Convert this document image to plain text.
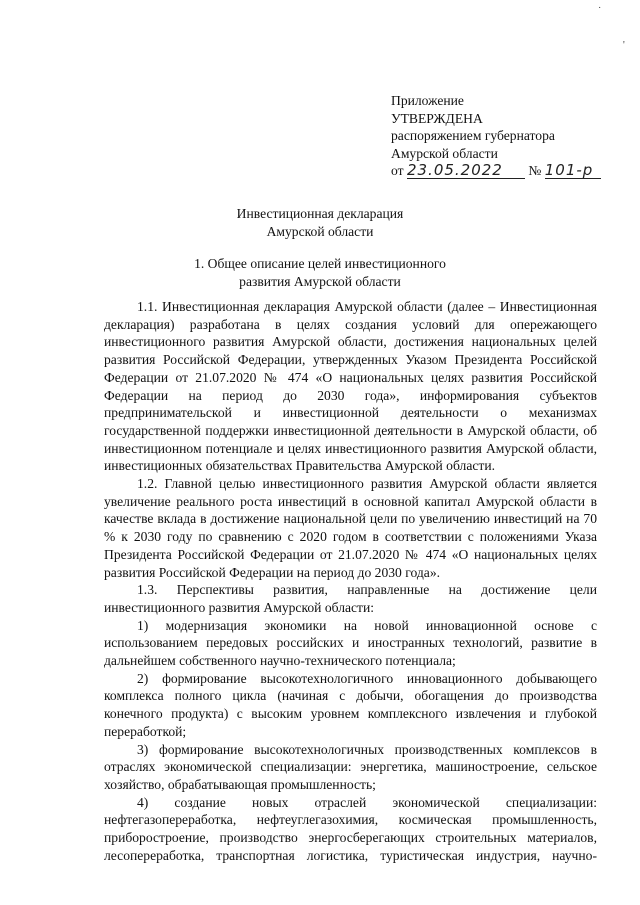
˙
'
Приложение
УТВЕРЖДЕНА
распоряжением губернатора
Амурской области
от 23.05.2022 № 101-р
Инвестиционная декларация
Амурской области
1. Общее описание целей инвестиционного
развития Амурской области

1.1. Инвестиционная декларация Амурской области (далее – Инвестиционная декларация) разработана в целях создания условий для опережающего инвестиционного развития Амурской области, достижения национальных целей развития Российской Федерации, утвержденных Указом Президента Российской Федерации от 21.07.2020 № 474 «О национальных целях развития Российской Федерации на период до 2030 года», информирования субъектов предпринимательской и инвестиционной деятельности о механизмах государственной поддержки инвестиционной деятельности в Амурской области, об инвестиционном потенциале и целях инвестиционного развития Амурской области, инвестиционных обязательствах Правительства Амурской области.

1.2. Главной целью инвестиционного развития Амурской области является увеличение реального роста инвестиций в основной капитал Амурской области в качестве вклада в достижение национальной цели по увеличению инвестиций на 70 % к 2030 году по сравнению с 2020 годом в соответствии с положениями Указа Президента Российской Федерации от 21.07.2020 № 474 «О национальных целях развития Российской Федерации на период до 2030 года».

1.3. Перспективы развития, направленные на достижение цели инвестиционного развития Амурской области:

1) модернизация экономики на новой инновационной основе с использованием передовых российских и иностранных технологий, развитие в дальнейшем собственного научно-технического потенциала;

2) формирование высокотехнологичного инновационного добывающего комплекса полного цикла (начиная с добычи, обогащения до производства конечного продукта) с высоким уровнем комплексного извлечения и глубокой переработкой;

3) формирование высокотехнологичных производственных комплексов в отраслях экономической специализации: энергетика, машиностроение, сельское хозяйство, обрабатывающая промышленность;

4) создание новых отраслей экономической специализации: нефтегазопереработка, нефтеуглегазохимия, космическая промышленность, приборостроение, производство энергосберегающих строительных материалов, лесопереработка, транспортная логистика, туристическая индустрия, научно-
